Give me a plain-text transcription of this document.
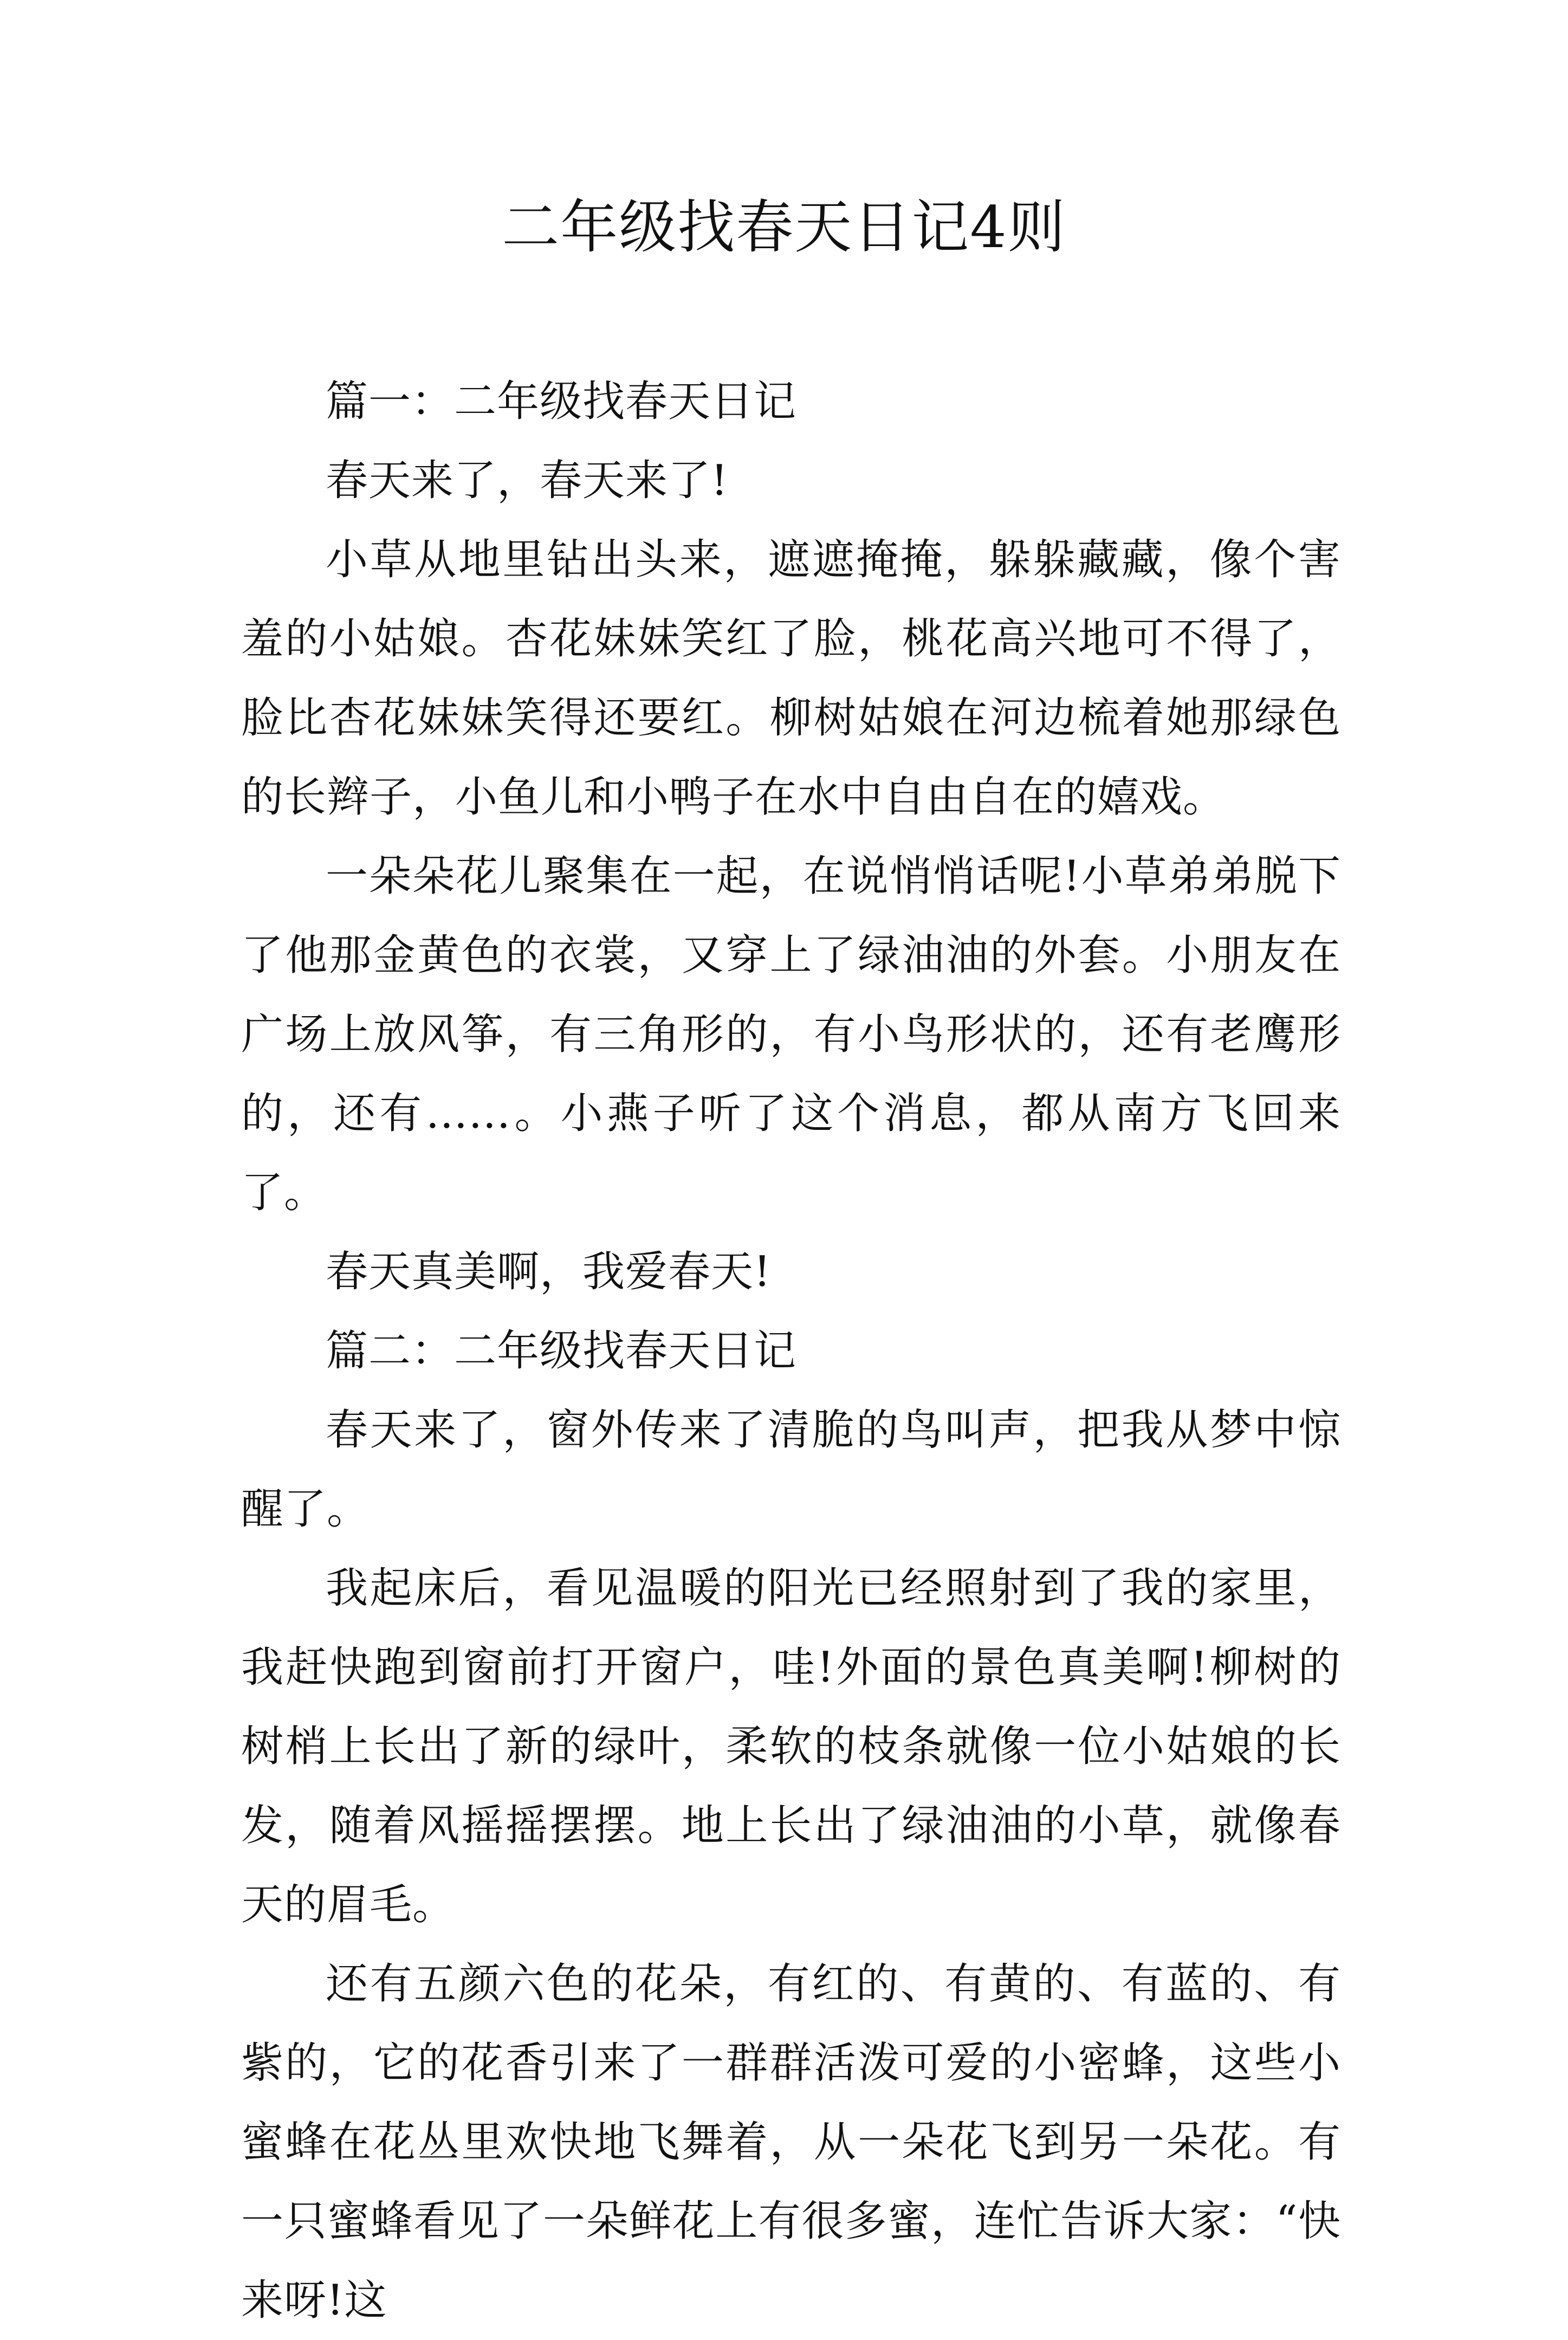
二年级找春天日记4则

篇一：二年级找春天日记

春天来了，春天来了!

小草从地里钻出头来，遮遮掩掩，躲躲藏藏，像个害羞的小姑娘。杏花妹妹笑红了脸，桃花高兴地可不得了，脸比杏花妹妹笑得还要红。柳树姑娘在河边梳着她那绿色的长辫子，小鱼儿和小鸭子在水中自由自在的嬉戏。

一朵朵花儿聚集在一起，在说悄悄话呢!小草弟弟脱下了他那金黄色的衣裳，又穿上了绿油油的外套。小朋友在广场上放风筝，有三角形的，有小鸟形状的，还有老鹰形的，还有……。小燕子听了这个消息，都从南方飞回来了。

春天真美啊，我爱春天!

篇二：二年级找春天日记

春天来了，窗外传来了清脆的鸟叫声，把我从梦中惊醒了。

我起床后，看见温暖的阳光已经照射到了我的家里，我赶快跑到窗前打开窗户，哇!外面的景色真美啊!柳树的树梢上长出了新的绿叶，柔软的枝条就像一位小姑娘的长发，随着风摇摇摆摆。地上长出了绿油油的小草，就像春天的眉毛。

还有五颜六色的花朵，有红的、有黄的、有蓝的、有紫的，它的花香引来了一群群活泼可爱的小密蜂，这些小蜜蜂在花丛里欢快地飞舞着，从一朵花飞到另一朵花。有一只蜜蜂看见了一朵鲜花上有很多蜜，连忙告诉大家：“快来呀!这
